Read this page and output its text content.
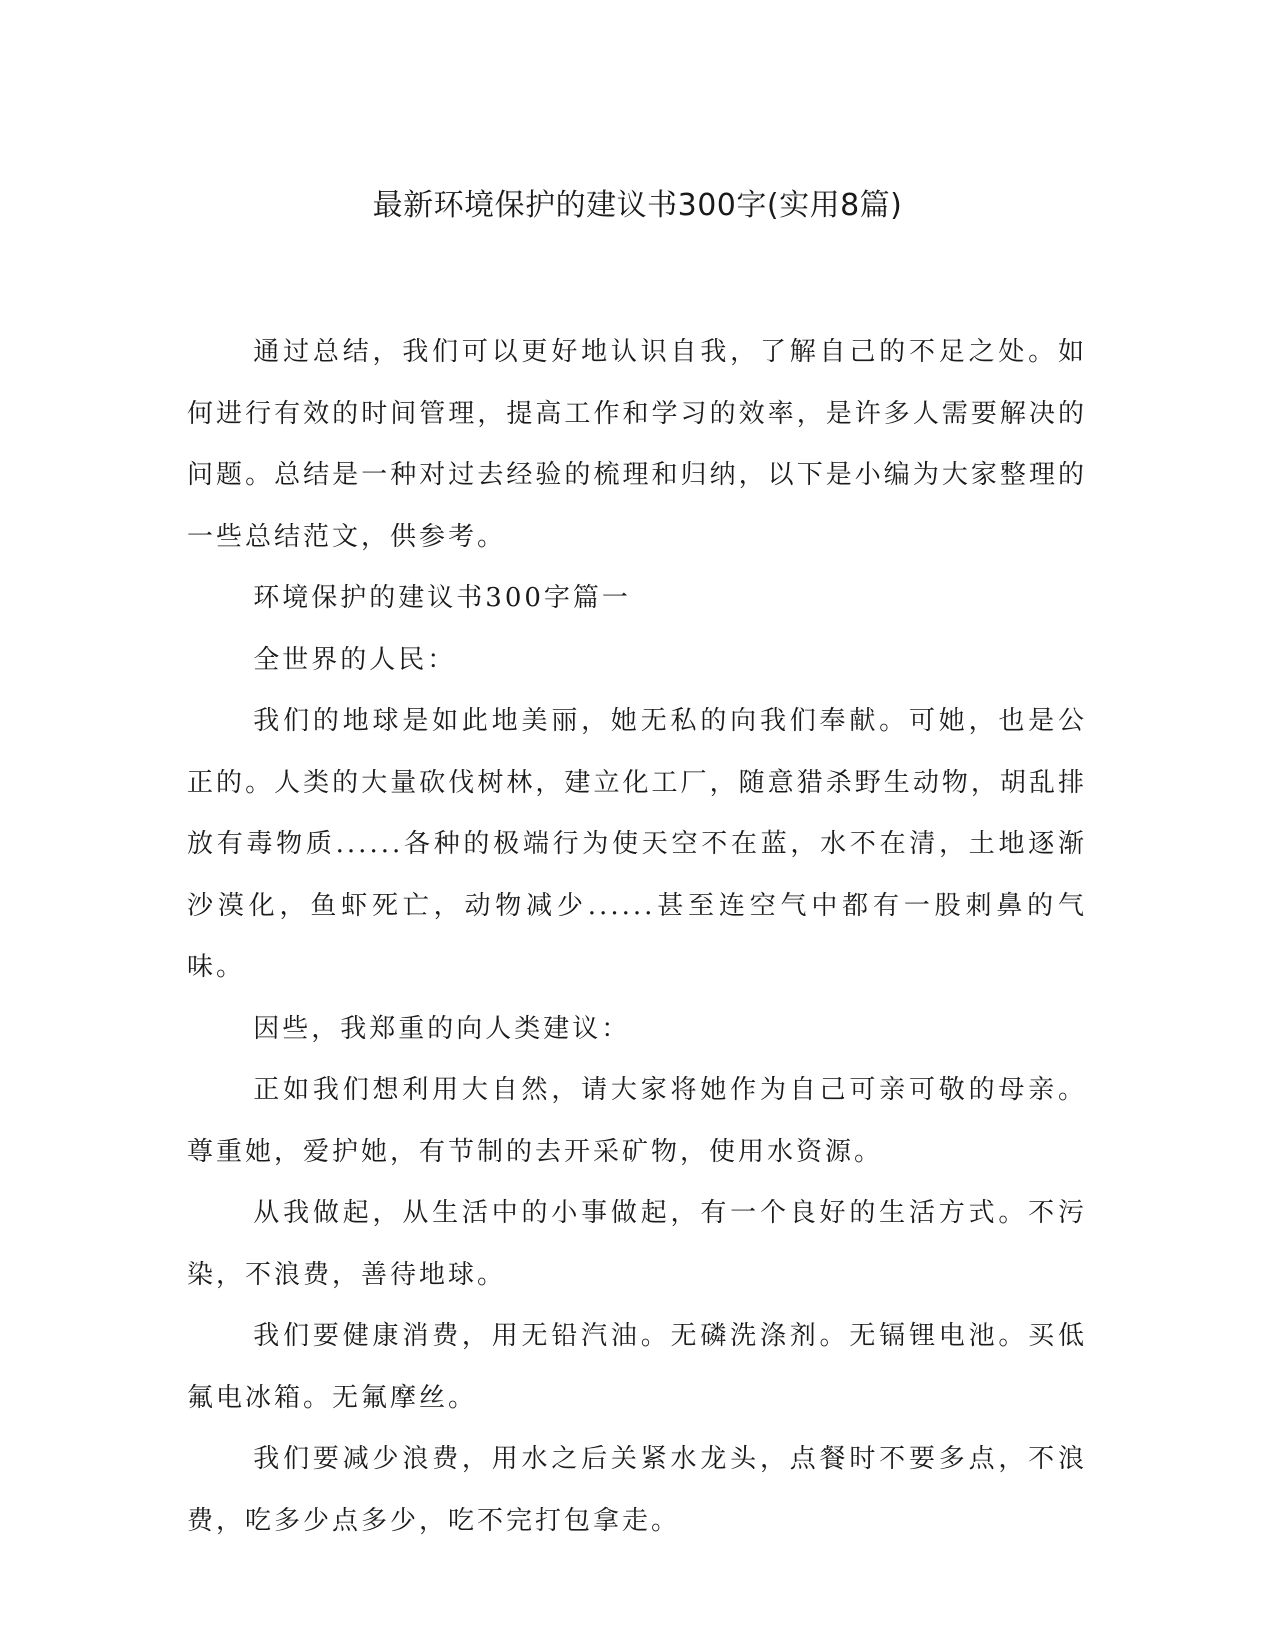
最新环境保护的建议书300字(实用8篇)

通过总结，我们可以更好地认识自我，了解自己的不足之处。如何进行有效的时间管理，提高工作和学习的效率，是许多人需要解决的问题。总结是一种对过去经验的梳理和归纳，以下是小编为大家整理的一些总结范文，供参考。

环境保护的建议书300字篇一

全世界的人民：

我们的地球是如此地美丽，她无私的向我们奉献。可她，也是公正的。人类的大量砍伐树林，建立化工厂，随意猎杀野生动物，胡乱排放有毒物质......各种的极端行为使天空不在蓝，水不在清，土地逐渐沙漠化，鱼虾死亡，动物减少......甚至连空气中都有一股刺鼻的气味。

因些，我郑重的向人类建议：

正如我们想利用大自然，请大家将她作为自己可亲可敬的母亲。尊重她，爱护她，有节制的去开采矿物，使用水资源。

从我做起，从生活中的小事做起，有一个良好的生活方式。不污染，不浪费，善待地球。

我们要健康消费，用无铅汽油。无磷洗涤剂。无镉锂电池。买低氟电冰箱。无氟摩丝。

我们要减少浪费，用水之后关紧水龙头，点餐时不要多点，不浪费，吃多少点多少，吃不完打包拿走。
